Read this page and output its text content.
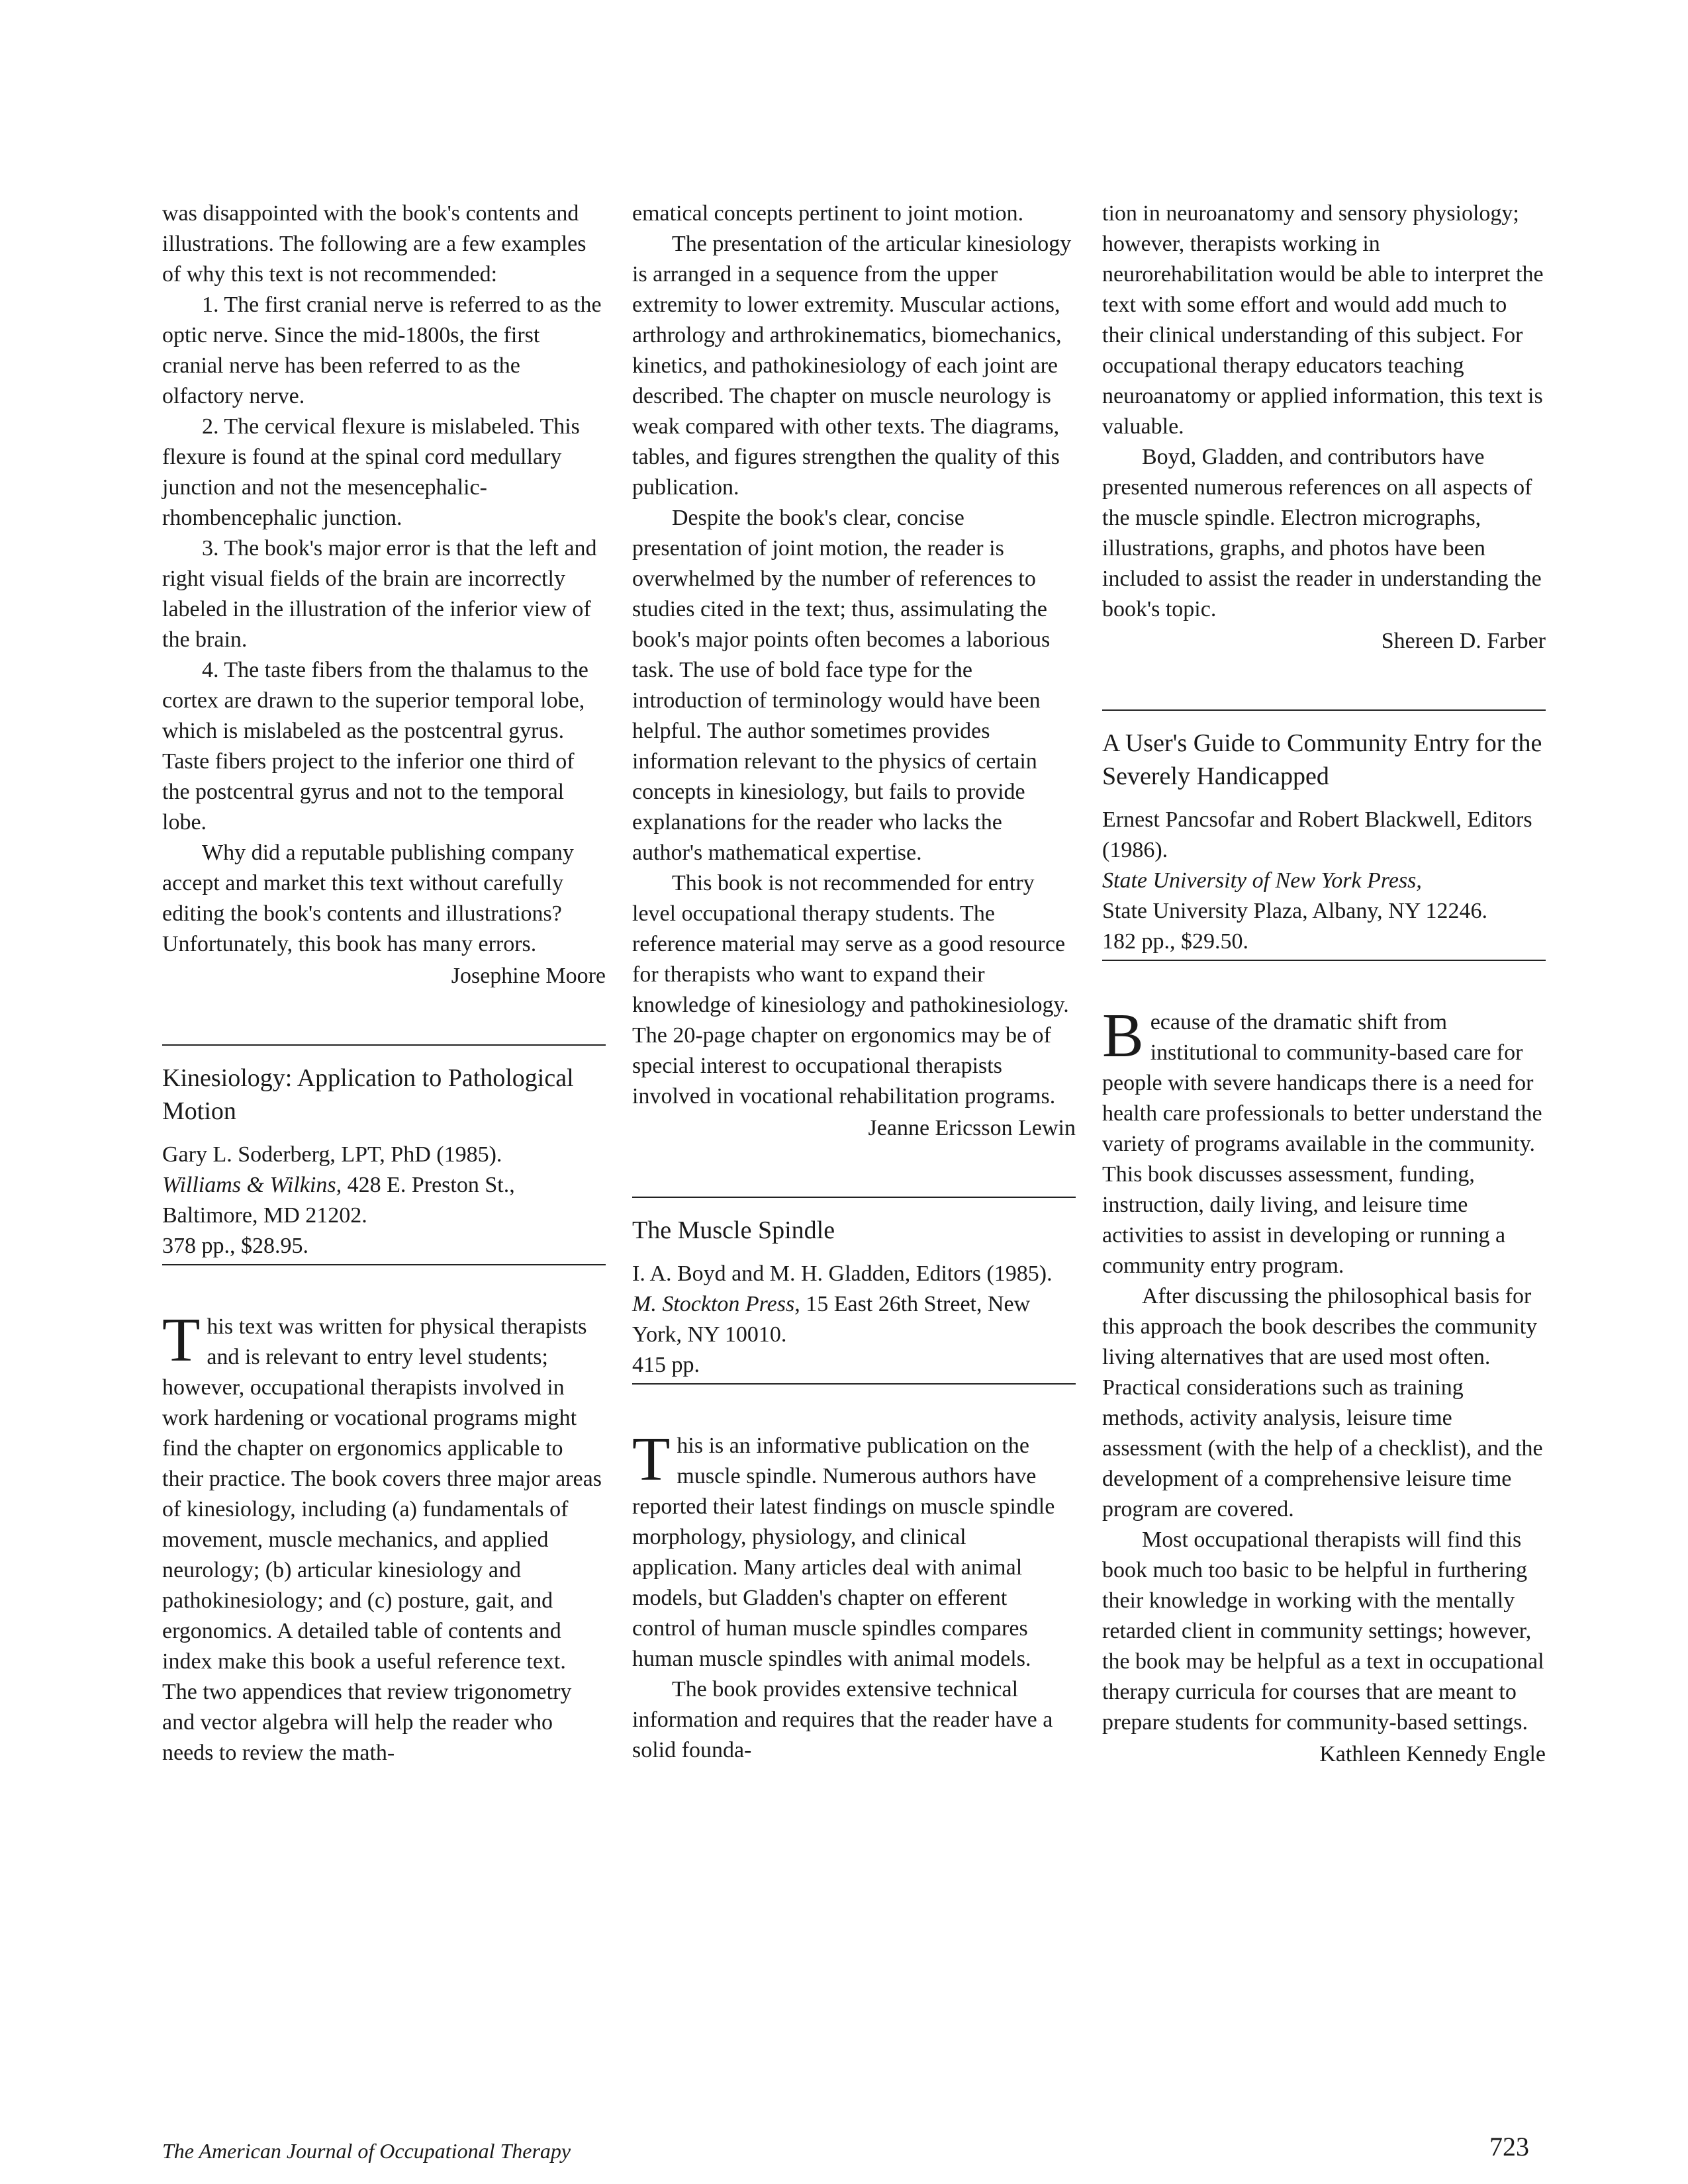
was disappointed with the book's contents and illustrations. The following are a few examples of why this text is not recommended:

1. The first cranial nerve is referred to as the optic nerve. Since the mid-1800s, the first cranial nerve has been referred to as the olfactory nerve.

2. The cervical flexure is mislabeled. This flexure is found at the spinal cord medullary junction and not the mesencephalic-rhombencephalic junction.

3. The book's major error is that the left and right visual fields of the brain are incorrectly labeled in the illustration of the inferior view of the brain.

4. The taste fibers from the thalamus to the cortex are drawn to the superior temporal lobe, which is mislabeled as the postcentral gyrus. Taste fibers project to the inferior one third of the postcentral gyrus and not to the temporal lobe.

Why did a reputable publishing company accept and market this text without carefully editing the book's contents and illustrations? Unfortunately, this book has many errors.

Josephine Moore

Kinesiology: Application to Pathological Motion

Gary L. Soderberg, LPT, PhD (1985).

Williams & Wilkins, 428 E. Preston St., Baltimore, MD 21202.

378 pp., $28.95.

This text was written for physical therapists and is relevant to entry level students; however, occupational therapists involved in work hardening or vocational programs might find the chapter on ergonomics applicable to their practice. The book covers three major areas of kinesiology, including (a) fundamentals of movement, muscle mechanics, and applied neurology; (b) articular kinesiology and pathokinesiology; and (c) posture, gait, and ergonomics. A detailed table of contents and index make this book a useful reference text. The two appendices that review trigonometry and vector algebra will help the reader who needs to review the math-

ematical concepts pertinent to joint motion.

The presentation of the articular kinesiology is arranged in a sequence from the upper extremity to lower extremity. Muscular actions, arthrology and arthrokinematics, biomechanics, kinetics, and pathokinesiology of each joint are described. The chapter on muscle neurology is weak compared with other texts. The diagrams, tables, and figures strengthen the quality of this publication.

Despite the book's clear, concise presentation of joint motion, the reader is overwhelmed by the number of references to studies cited in the text; thus, assimulating the book's major points often becomes a laborious task. The use of bold face type for the introduction of terminology would have been helpful. The author sometimes provides information relevant to the physics of certain concepts in kinesiology, but fails to provide explanations for the reader who lacks the author's mathematical expertise.

This book is not recommended for entry level occupational therapy students. The reference material may serve as a good resource for therapists who want to expand their knowledge of kinesiology and pathokinesiology. The 20-page chapter on ergonomics may be of special interest to occupational therapists involved in vocational rehabilitation programs.

Jeanne Ericsson Lewin

The Muscle Spindle

I. A. Boyd and M. H. Gladden, Editors (1985).

M. Stockton Press, 15 East 26th Street, New York, NY 10010.

415 pp.

This is an informative publication on the muscle spindle. Numerous authors have reported their latest findings on muscle spindle morphology, physiology, and clinical application. Many articles deal with animal models, but Gladden's chapter on efferent control of human muscle spindles compares human muscle spindles with animal models.

The book provides extensive technical information and requires that the reader have a solid founda-

tion in neuroanatomy and sensory physiology; however, therapists working in neurorehabilitation would be able to interpret the text with some effort and would add much to their clinical understanding of this subject. For occupational therapy educators teaching neuroanatomy or applied information, this text is valuable.

Boyd, Gladden, and contributors have presented numerous references on all aspects of the muscle spindle. Electron micrographs, illustrations, graphs, and photos have been included to assist the reader in understanding the book's topic.

Shereen D. Farber

A User's Guide to Community Entry for the Severely Handicapped

Ernest Pancsofar and Robert Blackwell, Editors (1986).

State University of New York Press,

State University Plaza, Albany, NY 12246.

182 pp., $29.50.

Because of the dramatic shift from institutional to community-based care for people with severe handicaps there is a need for health care professionals to better understand the variety of programs available in the community. This book discusses assessment, funding, instruction, daily living, and leisure time activities to assist in developing or running a community entry program.

After discussing the philosophical basis for this approach the book describes the community living alternatives that are used most often. Practical considerations such as training methods, activity analysis, leisure time assessment (with the help of a checklist), and the development of a comprehensive leisure time program are covered.

Most occupational therapists will find this book much too basic to be helpful in furthering their knowledge in working with the mentally retarded client in community settings; however, the book may be helpful as a text in occupational therapy curricula for courses that are meant to prepare students for community-based settings.

Kathleen Kennedy Engle

The American Journal of Occupational Therapy	723
